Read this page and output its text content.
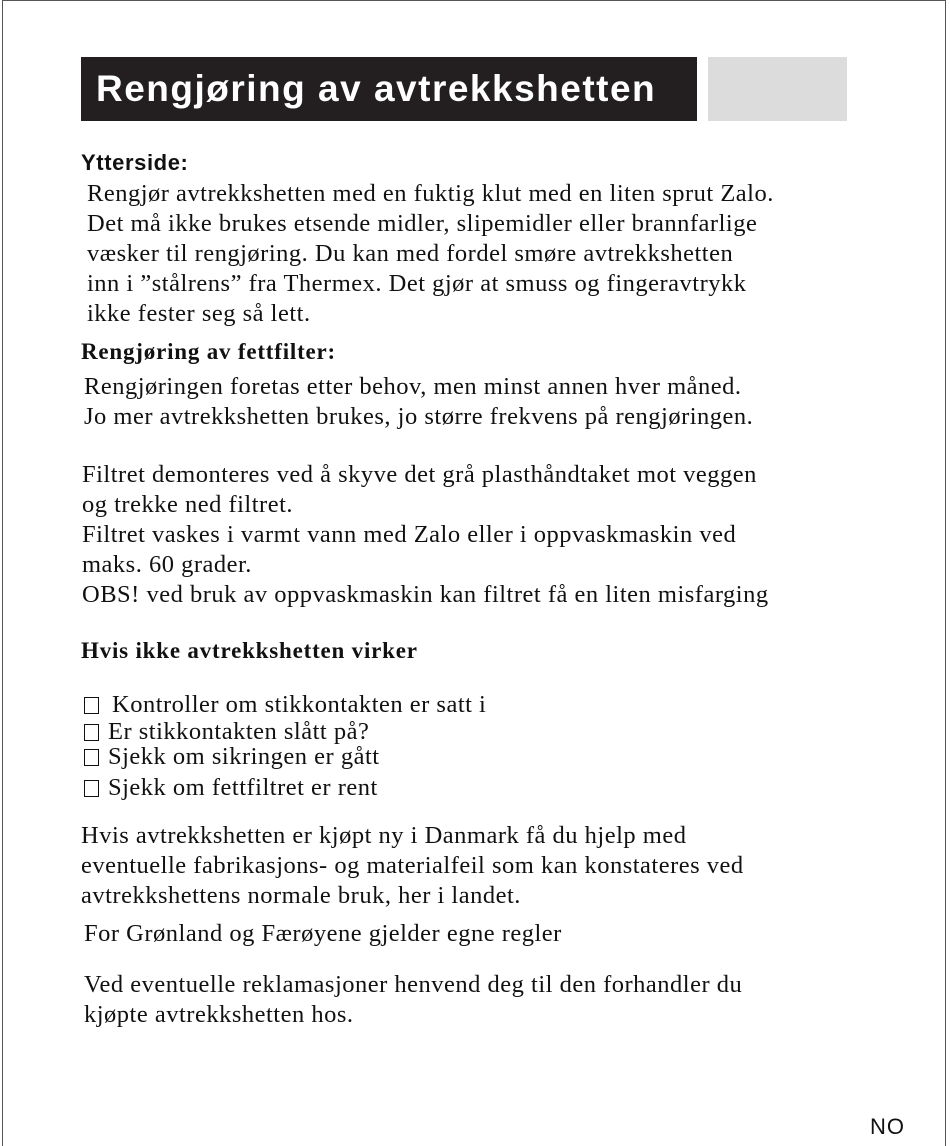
Rengjøring av avtrekkshetten
Ytterside:
Rengjør avtrekkshetten med en fuktig klut med en liten sprut Zalo.
Det må ikke brukes etsende midler, slipemidler eller brannfarlige
væsker til rengjøring. Du kan med fordel smøre avtrekkshetten
inn i ”stålrens” fra Thermex. Det gjør at smuss og fingeravtrykk
ikke fester seg så lett.
Rengjøring av fettfilter:
Rengjøringen foretas etter behov, men minst annen hver måned.
Jo mer avtrekkshetten brukes, jo større frekvens på rengjøringen.
Filtret demonteres ved å skyve det grå plasthåndtaket mot veggen
og trekke ned filtret.
Filtret vaskes i varmt vann med Zalo eller i oppvaskmaskin ved
maks. 60 grader.
OBS! ved bruk av oppvaskmaskin kan filtret få en liten misfarging
Hvis ikke avtrekkshetten virker
Kontroller om stikkontakten er satt i
Er stikkontakten slått på?
Sjekk om sikringen er gått
Sjekk om fettfiltret er rent
Hvis avtrekkshetten er kjøpt ny i Danmark få du hjelp med
eventuelle fabrikasjons- og materialfeil som kan konstateres ved
avtrekkshettens normale bruk, her i landet.
For Grønland og Færøyene gjelder egne regler
Ved eventuelle reklamasjoner henvend deg til den forhandler du
kjøpte avtrekkshetten hos.
NO
